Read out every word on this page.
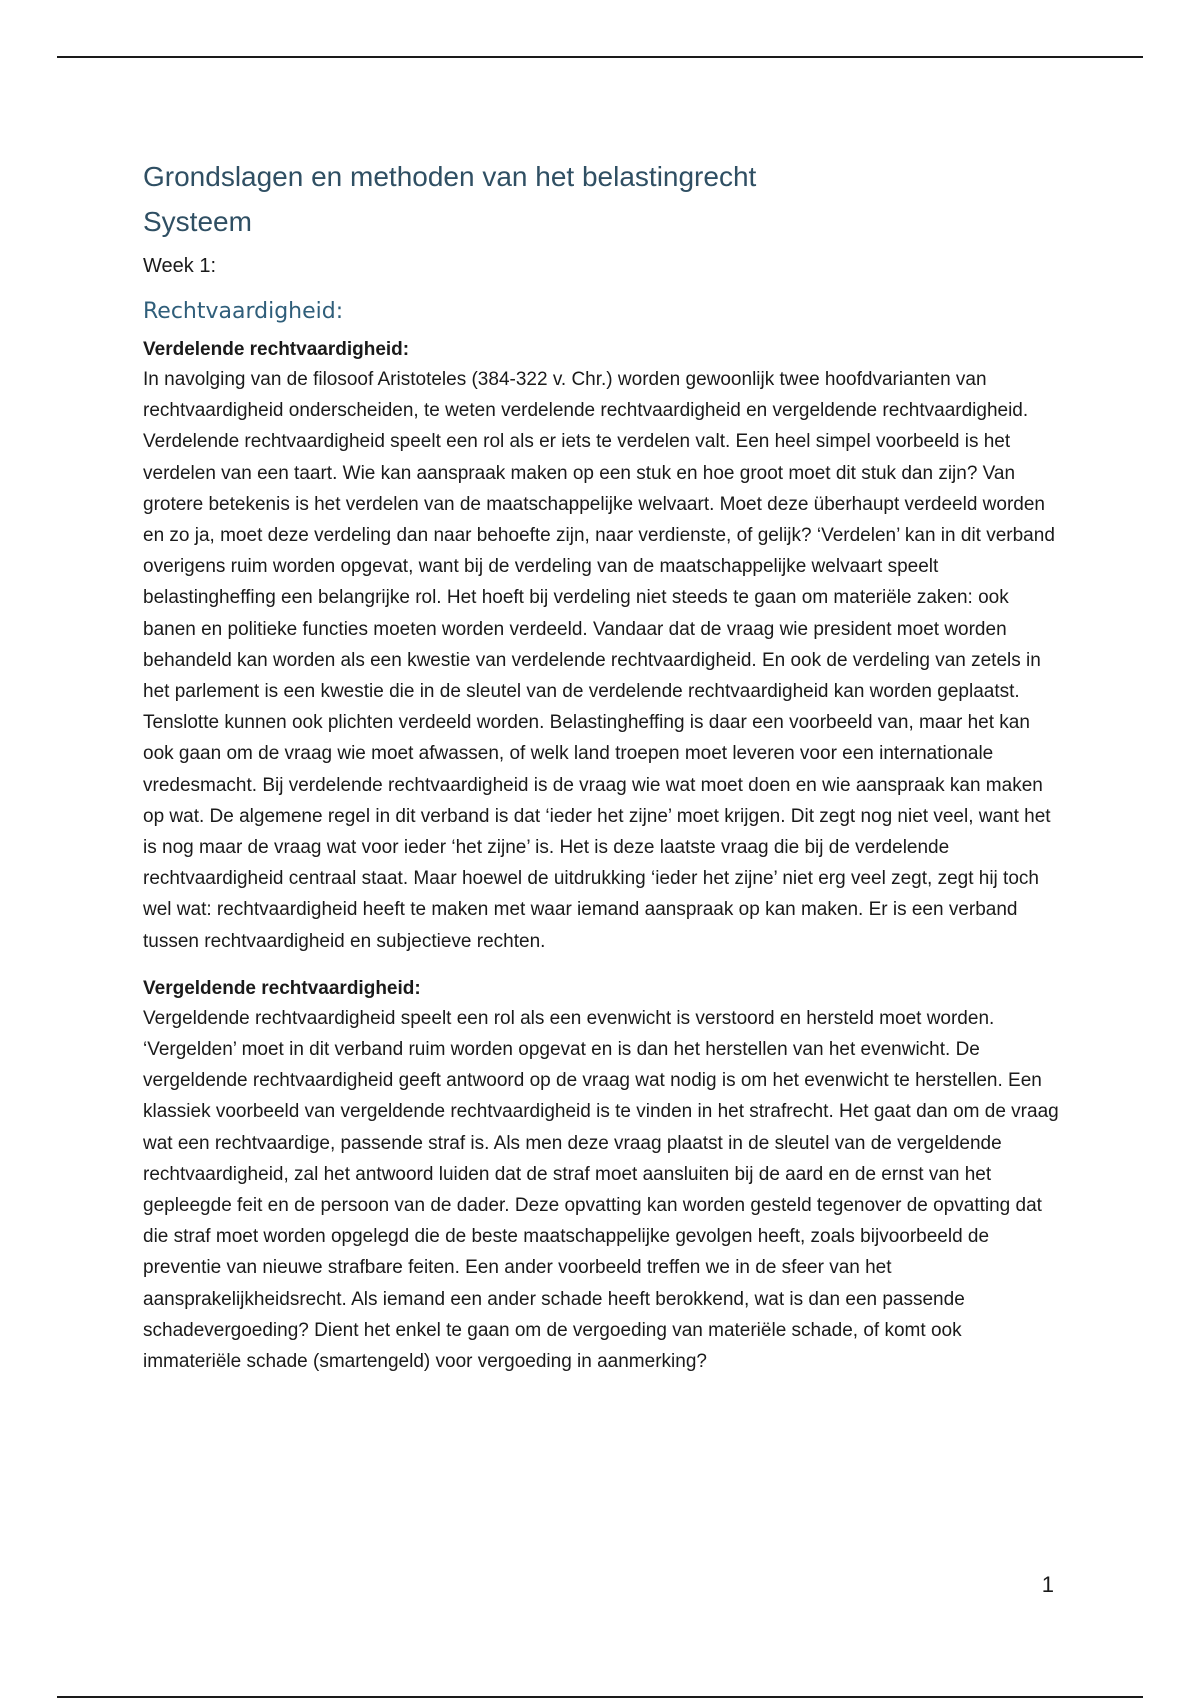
Grondslagen en methoden van het belastingrecht
Systeem

Week 1:

Rechtvaardigheid:

Verdelende rechtvaardigheid:

In navolging van de filosoof Aristoteles (384-322 v. Chr.) worden gewoonlijk twee hoofdvarianten van rechtvaardigheid onderscheiden, te weten verdelende rechtvaardigheid en vergeldende rechtvaardigheid. Verdelende rechtvaardigheid speelt een rol als er iets te verdelen valt. Een heel simpel voorbeeld is het verdelen van een taart. Wie kan aanspraak maken op een stuk en hoe groot moet dit stuk dan zijn? Van grotere betekenis is het verdelen van de maatschappelijke welvaart. Moet deze überhaupt verdeeld worden en zo ja, moet deze verdeling dan naar behoefte zijn, naar verdienste, of gelijk? ‘Verdelen’ kan in dit verband overigens ruim worden opgevat, want bij de verdeling van de maatschappelijke welvaart speelt belastingheffing een belangrijke rol. Het hoeft bij verdeling niet steeds te gaan om materiële zaken: ook banen en politieke functies moeten worden verdeeld. Vandaar dat de vraag wie president moet worden behandeld kan worden als een kwestie van verdelende rechtvaardigheid. En ook de verdeling van zetels in het parlement is een kwestie die in de sleutel van de verdelende rechtvaardigheid kan worden geplaatst. Tenslotte kunnen ook plichten verdeeld worden. Belastingheffing is daar een voorbeeld van, maar het kan ook gaan om de vraag wie moet afwassen, of welk land troepen moet leveren voor een internationale vredesmacht. Bij verdelende rechtvaardigheid is de vraag wie wat moet doen en wie aanspraak kan maken op wat. De algemene regel in dit verband is dat ‘ieder het zijne’ moet krijgen. Dit zegt nog niet veel, want het is nog maar de vraag wat voor ieder ‘het zijne’ is. Het is deze laatste vraag die bij de verdelende rechtvaardigheid centraal staat. Maar hoewel de uitdrukking ‘ieder het zijne’ niet erg veel zegt, zegt hij toch wel wat: rechtvaardigheid heeft te maken met waar iemand aanspraak op kan maken. Er is een verband tussen rechtvaardigheid en subjectieve rechten.

Vergeldende rechtvaardigheid:

Vergeldende rechtvaardigheid speelt een rol als een evenwicht is verstoord en hersteld moet worden. ‘Vergelden’ moet in dit verband ruim worden opgevat en is dan het herstellen van het evenwicht. De vergeldende rechtvaardigheid geeft antwoord op de vraag wat nodig is om het evenwicht te herstellen. Een klassiek voorbeeld van vergeldende rechtvaardigheid is te vinden in het strafrecht. Het gaat dan om de vraag wat een rechtvaardige, passende straf is. Als men deze vraag plaatst in de sleutel van de vergeldende rechtvaardigheid, zal het antwoord luiden dat de straf moet aansluiten bij de aard en de ernst van het gepleegde feit en de persoon van de dader. Deze opvatting kan worden gesteld tegenover de opvatting dat die straf moet worden opgelegd die de beste maatschappelijke gevolgen heeft, zoals bijvoorbeeld de preventie van nieuwe strafbare feiten. Een ander voorbeeld treffen we in de sfeer van het aansprakelijkheidsrecht. Als iemand een ander schade heeft berokkend, wat is dan een passende schadevergoeding? Dient het enkel te gaan om de vergoeding van materiële schade, of komt ook immateriële schade (smartengeld) voor vergoeding in aanmerking?

1
